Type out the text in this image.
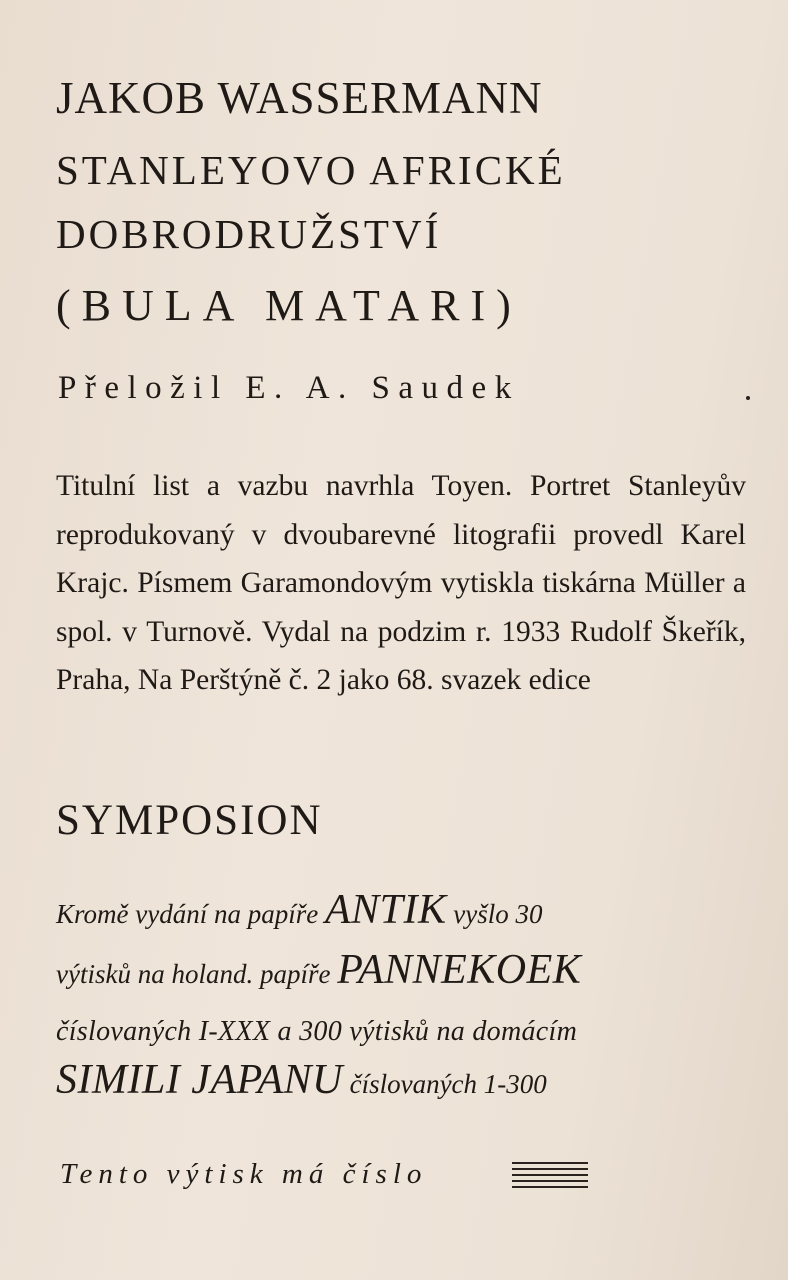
JAKOB WASSERMANN
STANLEYOVO AFRICKÉ
DOBRODRUŽSTVÍ
(BULA MATARI)
Přeložil E. A. Saudek
Titulní list a vazbu navrhla Toyen. Portret Stanleyův reprodukovaný v dvoubarevné litografii provedl Karel Krajc. Písmem Garamondovým vytiskla tiskárna Müller a spol. v Turnově. Vydal na podzim r. 1933 Rudolf Škeřík, Praha, Na Perštýně č. 2 jako 68. svazek edice
SYMPOSION
Kromě vydání na papíře ANTIK vyšlo 30
výtisků na holand. papíře PANNEKOEK
číslovaných I-XXX a 300 výtisků na domácím
SIMILI JAPANU číslovaných 1-300
Tento výtisk má číslo
